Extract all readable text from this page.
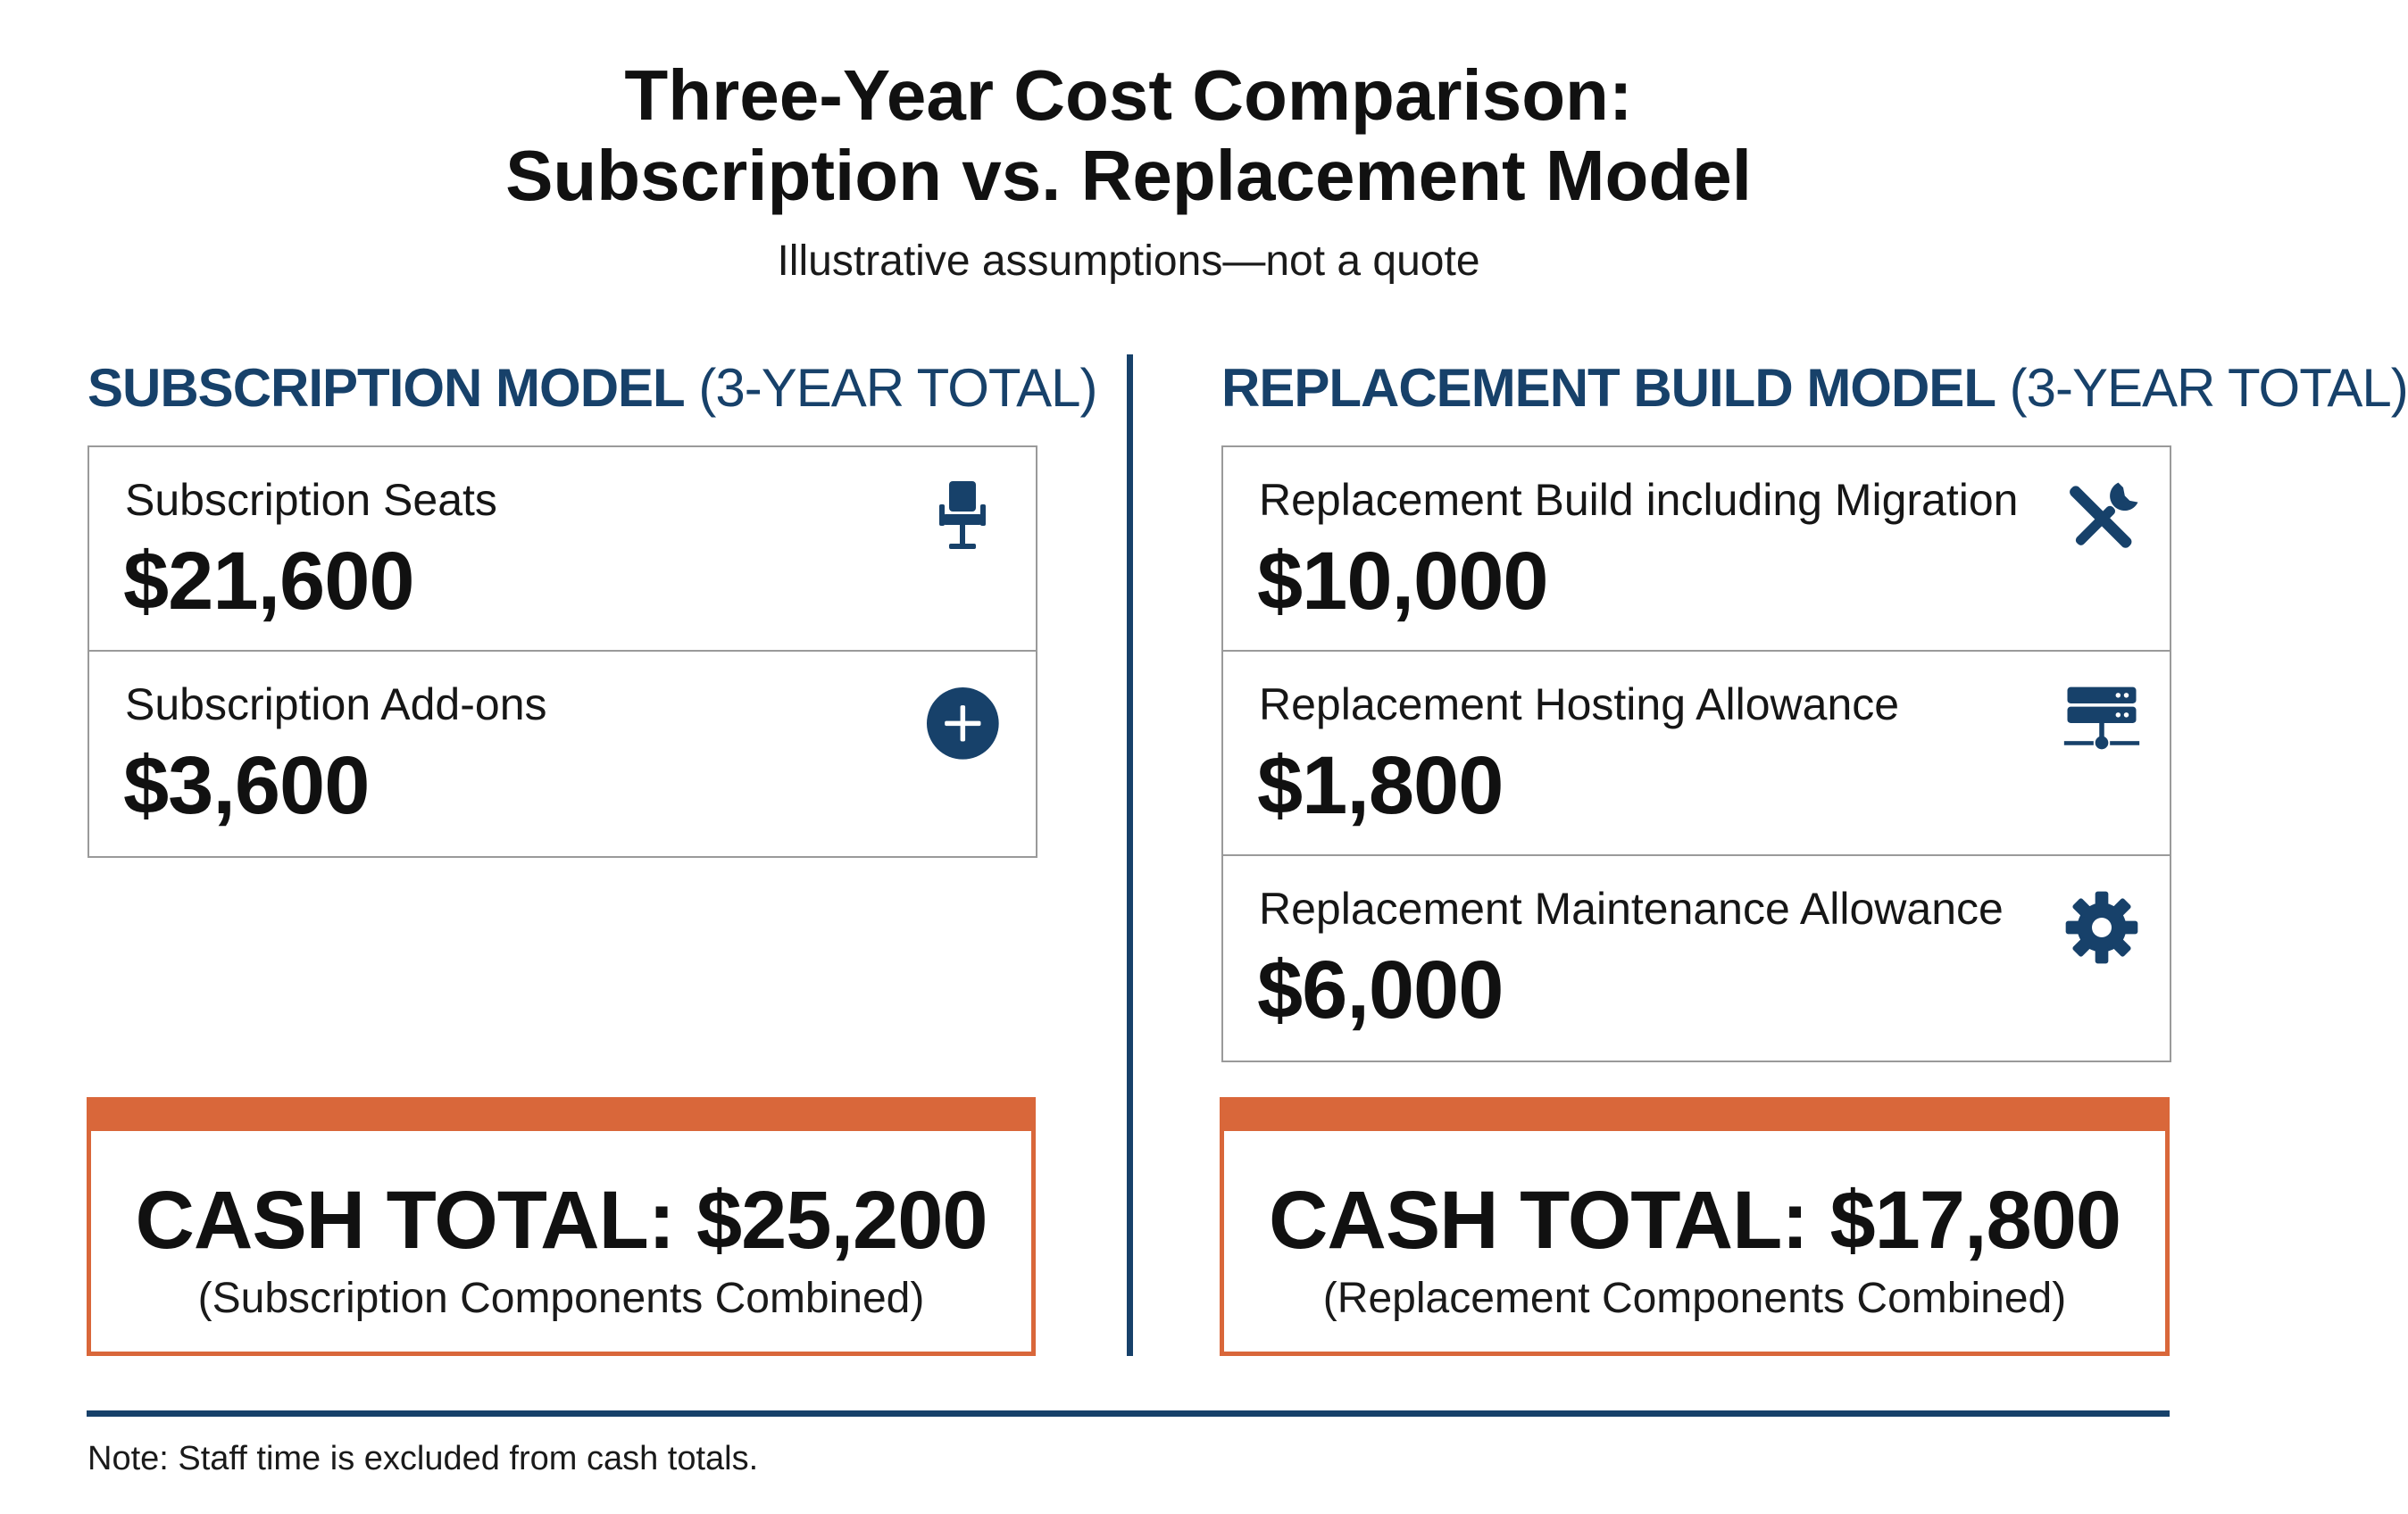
Three-Year Cost Comparison:
Subscription vs. Replacement Model
Illustrative assumptions—not a quote
SUBSCRIPTION MODEL (3-YEAR TOTAL) REPLACEMENT BUILD MODEL (3-YEAR TOTAL)
Subscription Seats
$21,600
Subscription Add-ons
$3,600
Replacement Build including Migration
$10,000
Replacement Hosting Allowance
$1,800
Replacement Maintenance Allowance
$6,000
CASH TOTAL: $25,200
(Subscription Components Combined)
CASH TOTAL: $17,800
(Replacement Components Combined)
Note: Staff time is excluded from cash totals.
